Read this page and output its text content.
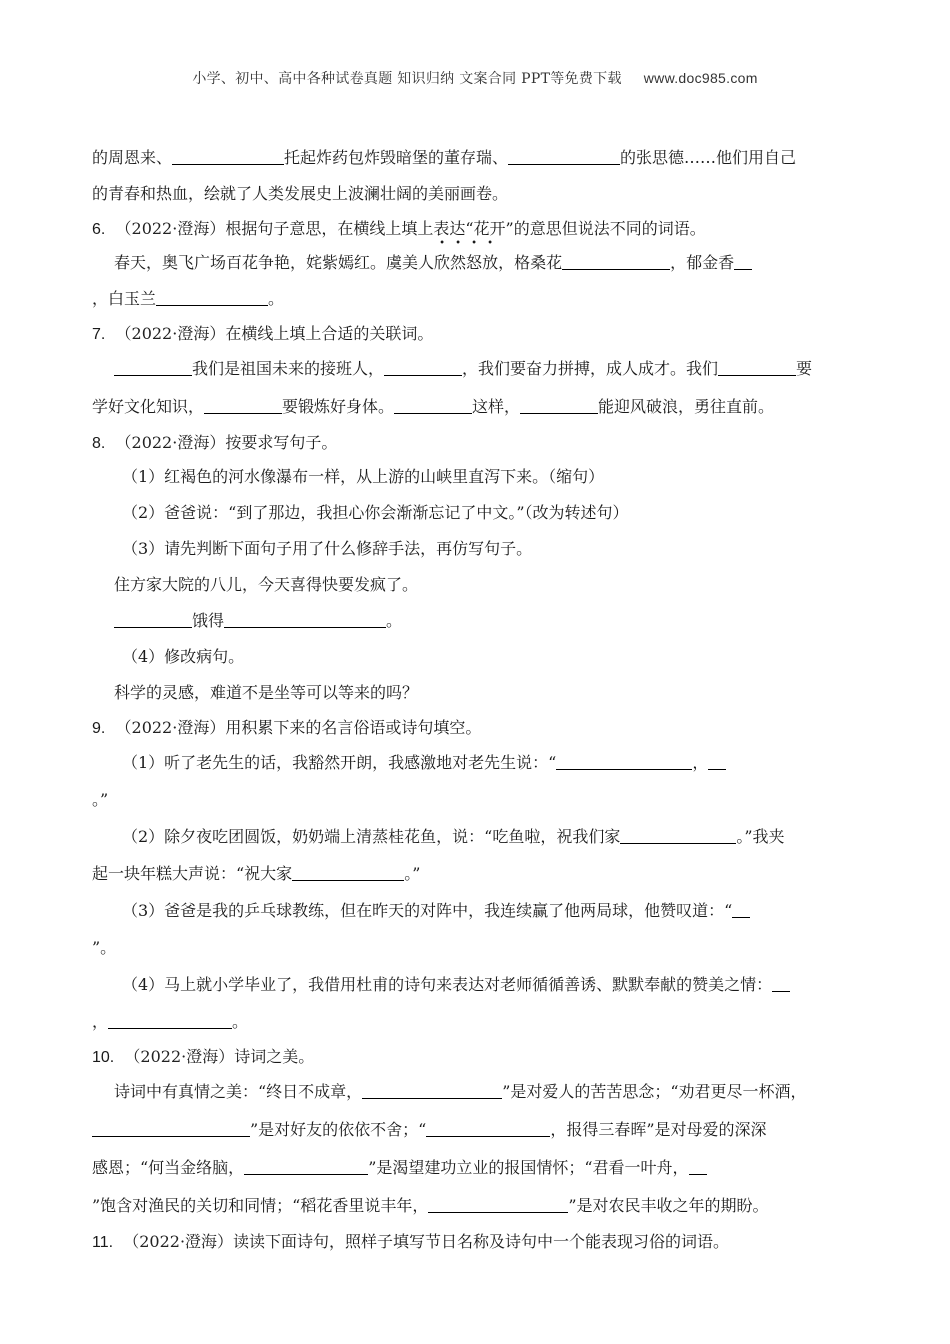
小学、初中、高中各种试卷真题 知识归纳 文案合同 PPT等免费下载 www.doc985.com
的周恩来、	托起炸药包炸毁暗堡的董存瑞、	的张思德……他们用自己
的青春和热血，绘就了人类发展史上波澜壮阔的美丽画卷。
6. （2022·澄海）根据句子意思，在横线上填上表达“花开”的意思但说法不同的词语。
春天，奥飞广场百花争艳，姹紫嫣红。虞美人
•
欣
•
然
•
怒
•
放，格桑花	，郁金香
，白玉兰	。
7. （2022·澄海）在横线上填上合适的关联词。
我们是祖国未来的接班人，	，我们要奋力拼搏，成人成才。我们	要
学好文化知识，	要锻炼好身体。	这样，	能迎风破浪，勇往直前。
8. （2022·澄海）按要求写句子。
（1）红褐色的河水像瀑布一样，从上游的山峡里直泻下来。（缩句）
（2）爸爸说：“到了那边，我担心你会渐渐忘记了中文。”（改为转述句）
（3）请先判断下面句子用了什么修辞手法，再仿写句子。
住方家大院的八儿，今天喜得快要发疯了。
饿得	。
（4）修改病句。
科学的灵感，难道不是坐等可以等来的吗？
9. （2022·澄海）用积累下来的名言俗语或诗句填空。
（1）听了老先生的话，我豁然开朗，我感激地对老先生说：“	，
。”
（2）除夕夜吃团圆饭，奶奶端上清蒸桂花鱼，说：“吃鱼啦，祝我们家	。”我夹
起一块年糕大声说：“祝大家	。”
（3）爸爸是我的乒乓球教练，但在昨天的对阵中，我连续赢了他两局球，他赞叹道：“
”。
（4）马上就小学毕业了，我借用杜甫的诗句来表达对老师循循善诱、默默奉献的赞美之情：
，	。
10. （2022·澄海）诗词之美。
诗词中有真情之美：“终日不成章，	”是对爱人的苦苦思念；“劝君更尽一杯酒，
”是对好友的依依不舍；“	，报得三春晖”是对母爱的深深
感恩；“何当金络脑，	”是渴望建功立业的报国情怀；“君看一叶舟，
”饱含对渔民的关切和同情；“稻花香里说丰年，	”是对农民丰收之年的期盼。
11. （2022·澄海）读读下面诗句，照样子填写节日名称及诗句中一个能表现习俗的词语。
